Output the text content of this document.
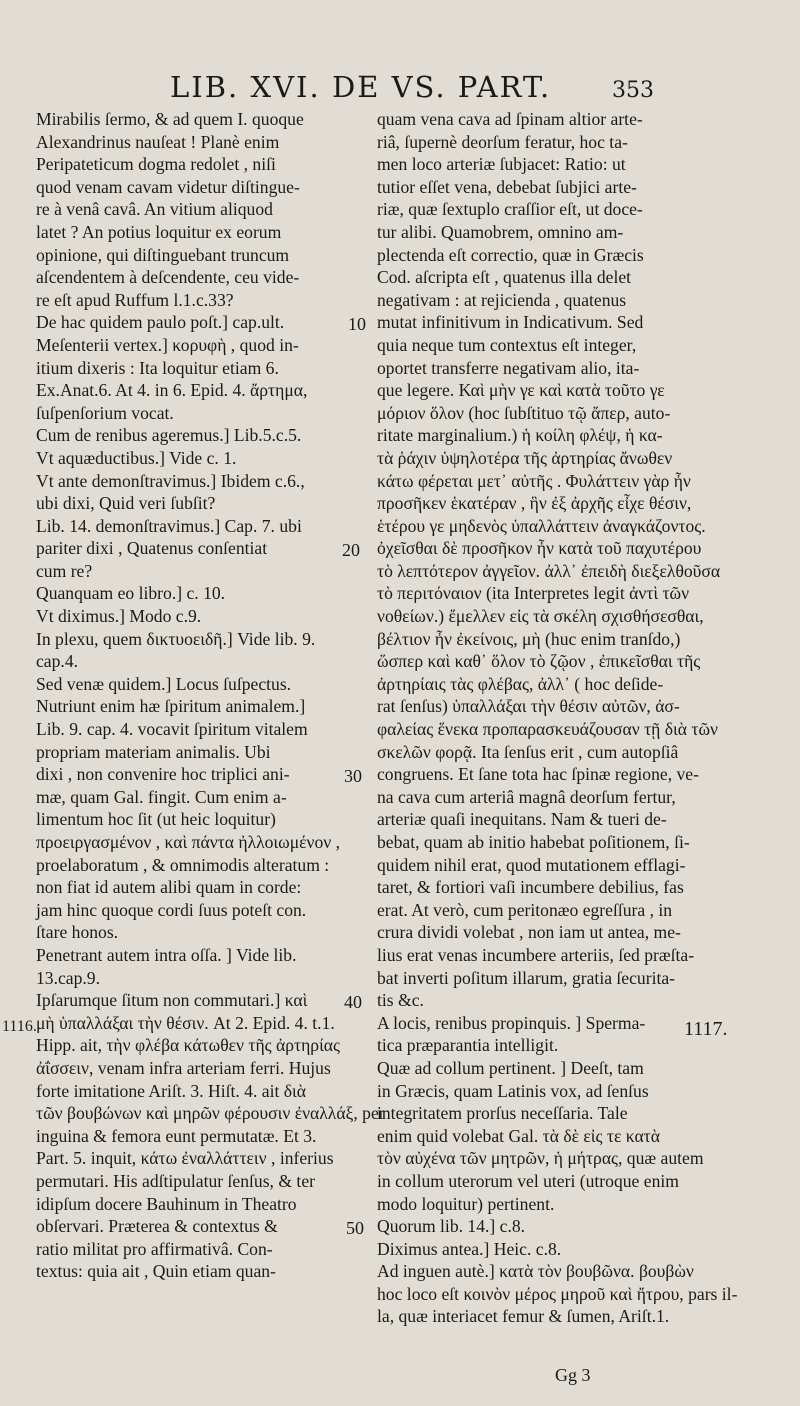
LIB. XVI. DE VS. PART.	353
Mirabilis ſermo, & ad quem I. quoque
Alexandrinus nauſeat ! Planè enim
Peripateticum dogma redolet , niſi
quod venam cavam videtur diſtingue-
re à venâ cavâ. An vitium aliquod
latet ? An potius loquitur ex eorum
opinione, qui diſtinguebant truncum
aſcendentem à deſcendente, ceu vide-
re eſt apud Ruffum l.1.c.33?
De hac quidem paulo poſt.] cap.ult.
Meſenterii vertex.] κορυφὴ , quod in-
itium dixeris : Ita loquitur etiam 6.
Ex.Anat.6. At 4. in 6. Epid. 4. ἄρτημα,
ſuſpenſorium vocat.
Cum de renibus ageremus.] Lib.5.c.5.
Vt aquæductibus.] Vide c. 1.
Vt ante demonſtravimus.] Ibidem c.6.,
ubi dixi, Quid veri ſubſit?
Lib. 14. demonſtravimus.] Cap. 7. ubi
pariter dixi , Quatenus conſentiat
cum re?
Quanquam eo libro.] c. 10.
Vt diximus.] Modo c.9.
In plexu, quem δικτυοειδῆ.] Vide lib. 9.
cap.4.
Sed venæ quidem.] Locus ſuſpectus.
Nutriunt enim hæ ſpiritum animalem.]
Lib. 9. cap. 4. vocavit ſpiritum vitalem
propriam materiam animalis. Ubi
dixi , non convenire hoc triplici ani-
mæ, quam Gal. fingit. Cum enim a-
limentum hoc ſit (ut heic loquitur)
προειργασμένον , καὶ πάντα ἠλλοιωμένον ,
proelaboratum , & omnimodis alteratum :
non fiat id autem alibi quam in corde:
jam hinc quoque cordi ſuus poteſt con.
ſtare honos.
Penetrant autem intra oſſa. ] Vide lib.
13.cap.9.
Ipſarumque ſitum non commutari.] καὶ
μὴ ὑπαλλάξαι τὴν θέσιν. At 2. Epid. 4. t.1.
Hipp. ait, τὴν φλέβα κάτωθεν τῆς ἀρτηρίας
ἀΐσσειν, venam infra arteriam ferri. Hujus
forte imitatione Ariſt. 3. Hiſt. 4. ait διὰ
τῶν βουβώνων καὶ μηρῶν φέρουσιν ἐναλλάξ, per
inguina & femora eunt permutatæ. Et 3.
Part. 5. inquit, κάτω ἐναλλάττειν , inferius
permutari. His adſtipulatur ſenſus, & ter
idipſum docere Bauhinum in Theatro
obſervari. Præterea & contextus &
ratio militat pro affirmativâ. Con-
textus: quia ait , Quin etiam quan-
quam vena cava ad ſpinam altior arte-
riâ, ſupernè deorſum feratur, hoc ta-
men loco arteriæ ſubjacet: Ratio: ut
tutior eſſet vena, debebat ſubjici arte-
riæ, quæ ſextuplo craſſior eſt, ut doce-
tur alibi. Quamobrem, omnino am-
plectenda eſt correctio, quæ in Græcis
Cod. aſcripta eſt , quatenus illa delet
negativam : at rejicienda , quatenus
mutat infinitivum in Indicativum. Sed
quia neque tum contextus eſt integer,
oportet transferre negativam alio, ita-
que legere. Καὶ μὴν γε καὶ κατὰ τοῦτο γε
μόριον ὅλον (hoc ſubſtituo τῷ ἄπερ, auto-
ritate marginalium.) ἡ κοίλη φλέψ, ἡ κα-
τὰ ῥάχιν ὑψηλοτέρα τῆς ἀρτηρίας ἄνωθεν
κάτω φέρεται μετ᾽ αὐτῆς . Φυλάττειν γὰρ ἦν
προσῆκεν ἑκατέραν , ἣν ἐξ ἀρχῆς εἶχε θέσιν,
ἑτέρου γε μηδενὸς ὑπαλλάττειν ἀναγκάζοντος.
ὀχεῖσθαι δὲ προσῆκον ἦν κατὰ τοῦ παχυτέρου
τὸ λεπτότερον ἀγγεῖον. ἀλλ᾽ ἐπειδὴ διεξελθοῦσα
τὸ περιτόναιον (ita Interpretes legit ἀντὶ τῶν
νοθείων.) ἔμελλεν εἰς τὰ σκέλη σχισθήσεσθαι,
βέλτιον ἦν ἐκείνοις, μὴ (huc enim tranſdo,)
ὥσπερ καὶ καθ᾽ ὅλον τὸ ζῷον , ἐπικεῖσθαι τῆς
ἀρτηρίαις τὰς φλέβας, ἀλλ᾽ ( hoc deſide-
rat ſenſus) ὑπαλλάξαι τὴν θέσιν αὐτῶν, ἀσ-
φαλείας ἕνεκα προπαρασκευάζουσαν τῇ διὰ τῶν
σκελῶν φορᾷ. Ita ſenſus erit , cum autopſiâ
congruens. Et ſane tota hac ſpinæ regione, ve-
na cava cum arteriâ magnâ deorſum fertur,
arteriæ quaſi inequitans. Nam & tueri de-
bebat, quam ab initio habebat poſitionem, ſi-
quidem nihil erat, quod mutationem efflagi-
taret, & fortiori vaſi incumbere debilius, fas
erat. At verò, cum peritonæo egreſſura , in
crura dividi volebat , non iam ut antea, me-
lius erat venas incumbere arteriis, ſed præſta-
bat inverti poſitum illarum, gratia ſecurita-
tis &c.
A locis, renibus propinquis. ] Sperma-
tica præparantia intelligit.
Quæ ad collum pertinent. ] Deeſt, tam
in Græcis, quam Latinis vox, ad ſenſus
integritatem prorſus neceſſaria. Tale
enim quid volebat Gal. τὰ δὲ εἰς τε κατὰ
τὸν αὐχένα τῶν μητρῶν, ἡ μήτρας, quæ autem
in collum uterorum vel uteri (utroque enim
modo loquitur) pertinent.
Quorum lib. 14.] c.8.
Diximus antea.] Heic. c.8.
Ad inguen autè.] κατὰ τὸν βουβῶνα. βουβὼν
hoc loco eſt κοινὸν μέρος μηροῦ καὶ ἤτρου, pars il-
la, quæ interiacet femur & ſumen, Ariſt.1.
10
20
30
40
50
1116.	1117.
Gg 3
